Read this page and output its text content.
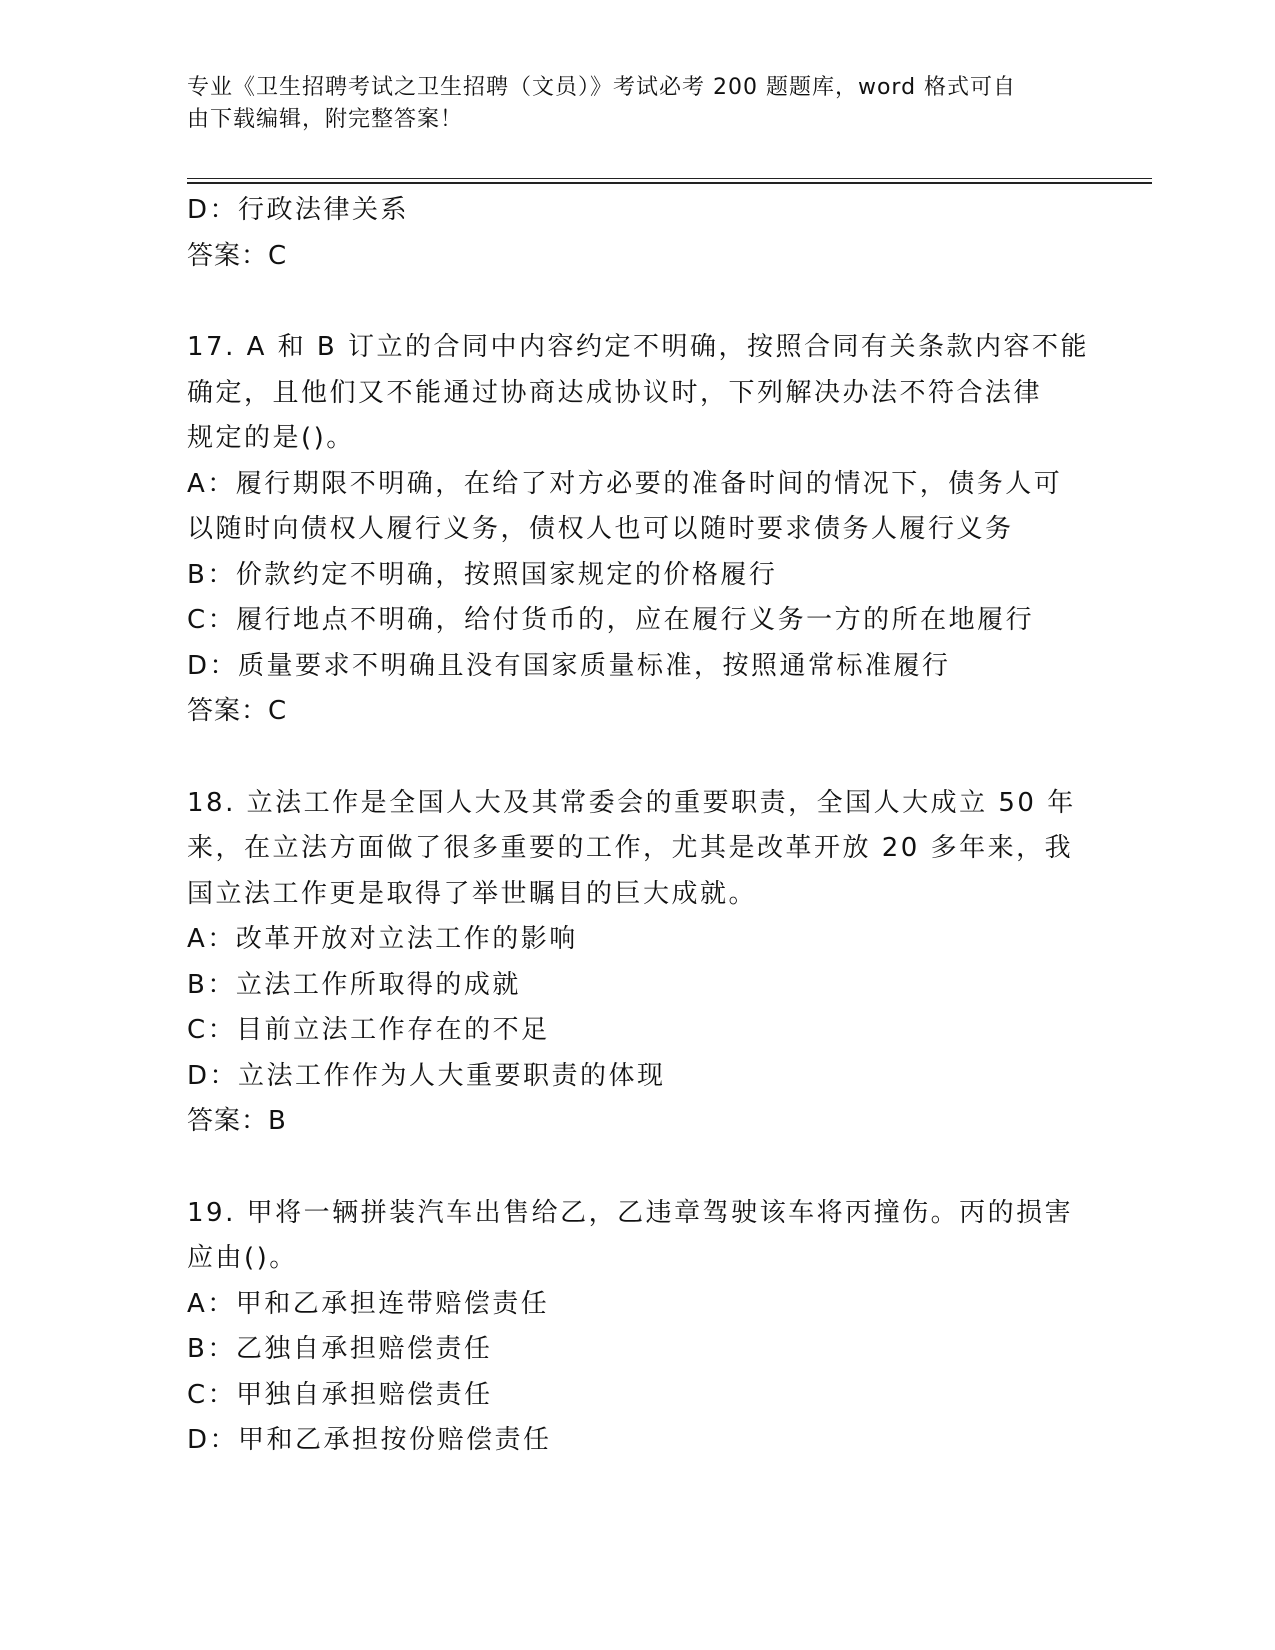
专业《卫生招聘考试之卫生招聘（文员）》考试必考 200 题题库，word 格式可自
由下载编辑，附完整答案！

D：行政法律关系

答案：C

17. A 和 B 订立的合同中内容约定不明确，按照合同有关条款内容不能

确定，且他们又不能通过协商达成协议时，下列解决办法不符合法律

规定的是()。

A：履行期限不明确，在给了对方必要的准备时间的情况下，债务人可

以随时向债权人履行义务，债权人也可以随时要求债务人履行义务

B：价款约定不明确，按照国家规定的价格履行

C：履行地点不明确，给付货币的，应在履行义务一方的所在地履行

D：质量要求不明确且没有国家质量标准，按照通常标准履行

答案：C

18. 立法工作是全国人大及其常委会的重要职责，全国人大成立 50 年

来，在立法方面做了很多重要的工作，尤其是改革开放 20 多年来，我

国立法工作更是取得了举世瞩目的巨大成就。

A：改革开放对立法工作的影响

B：立法工作所取得的成就

C：目前立法工作存在的不足

D：立法工作作为人大重要职责的体现

答案：B

19. 甲将一辆拼装汽车出售给乙，乙违章驾驶该车将丙撞伤。丙的损害

应由()。

A：甲和乙承担连带赔偿责任

B：乙独自承担赔偿责任

C：甲独自承担赔偿责任

D：甲和乙承担按份赔偿责任
